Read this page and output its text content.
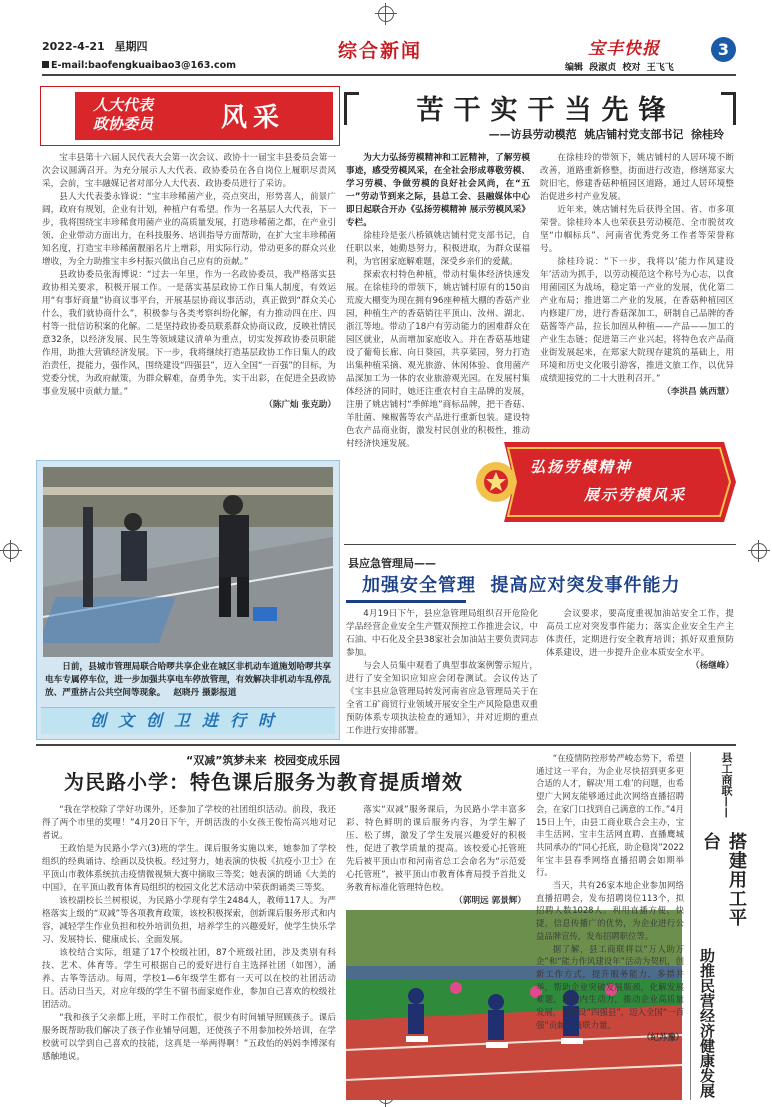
2022-4-21 星期四
E-mail:baofengkuaibao3@163.com
综合新闻	宝丰快报	3
编辑  段淑贞  校对  王飞飞
人大代表
政协委员	风采

宝丰县第十六届人民代表大会第一次会议、政协十一届宝丰县委员会第一次会议圆满召开。为充分展示人大代表、政协委员在各自岗位上履职尽责风采，会前，宝丰融媒记者对部分人大代表、政协委员进行了采访。

县人大代表娄永锋说：“宝丰珍稀菌产业，亮点突出，形势喜人，前景广阔，政府有规划，企业有计划，种植户有希望。作为一名基层人大代表，下一步，我将围绕宝丰珍稀食用菌产业的高质量发展，打造珍稀菌之都，在产业引领、企业带动方面出力，在科技服务、培训指导方面帮助，在扩大宝丰珍稀菌知名度，打造宝丰珍稀菌靓丽名片上增彩，用实际行动，带动更多的群众兴业增收，为全力助推宝丰乡村振兴做出自己应有的贡献。”

县政协委员张海博说：“过去一年里，作为一名政协委员，我严格落实县政协相关要求，积极开展工作。一是落实基层政协工作日集人制度，有效运用“有事好商量”协商议事平台，开展基层协商议事活动，真正做到“群众关心什么，我们就协商什么”，积极参与各类考察纠纷化解，有力推动四在庄、四村等一批信访积案的化解。二是坚持政协委员联系群众协商议政，反映社情民意32条，以经济发展、民生等领域建议清单为重点，切实发挥政协委员职能作用，助推大营镇经济发展。下一步，我将继续打造基层政协工作日集人的政治责任，提能力，强作风，围绕建设“四强县”，迈入全国“一百强”的目标，为党委分忧，为政府献策，为群众解难，奋勇争先，实干出彩，在促进全县政协事业发展中贡献力量。”

（陈广灿 张克助）
日前，县城市管理局联合哈啰共享企业在城区非机动车道施划哈啰共享电车专属停车位，进一步加强共享电车停放管理，有效解决非机动车乱停乱放、严重挤占公共空间等现象。 赵晓丹 摄影报道
创文创卫进行时
苦干实干当先锋
——访县劳动模范  姚店铺村党支部书记  徐桂玲

为大力弘扬劳模精神和工匠精神，了解劳模事迹，感受劳模风采，在全社会形成尊敬劳模、学习劳模、争做劳模的良好社会风尚，在“五一”劳动节到来之际，县总工会、县融媒体中心即日起联合开办《弘扬劳模精神 展示劳模风采》专栏。

徐桂玲是张八桥镇姚店铺村党支部书记，自任职以来，她勤恳努力，积极进取，为群众谋福利，为官困家庭解难题，深受乡亲们的爱戴。

探索农村特色种植，带动村集体经济快速发展。在徐桂玲的带领下，姚店铺村原有的150亩荒废大棚变为现在拥有96座种植大棚的香菇产业园，种植生产的香菇销往平顶山、汝州、湖北、浙江等地。带动了18户有劳动能力的困难群众在园区就业，从而增加家庭收入。并在香菇基地建设了葡萄长廊、向日葵园，共享菜园，努力打造出集种植采摘、观光旅游、休闲体验、食用菌产品深加工为一体的农业旅游观光园。在发展村集体经济的同时，她还注重农村自主品牌的发展，注册了姚店铺村“季鲜地”商标品牌，把干香菇、羊肚菌、辣椒酱等农产品进行重新包装。建设特色农产品商业街，激发村民创业的积极性，推动村经济快速发展。

在徐桂玲的带领下，姚店铺村的人居环境不断改善，道路重新修整，街面进行改造，修缮郑家大院旧宅，修建香菇种植园区道路，通过人居环境整治促进乡村产业发展。

近年来，姚店铺村先后获得全国、省、市多项荣誉。徐桂玲本人也荣获县劳动模范、全市脱贫攻坚“巾帼标兵”、河南省优秀党务工作者等荣誉称号。

徐桂玲说：“下一步，我将以‘能力作风建设年’活动为抓手，以劳动模范这个称号为心志，以食用菌园区为战场，稳定第一产业的发展，优化第二产业布局；推进第二产业的发展，在香菇种植园区内修建厂房，进行香菇深加工，研制自己品牌的香菇酱等产品，拉长加固从种植——产品——加工的产业生态链；促进第三产业兴起，将特色农产品商业街发展起来，在郑家大院现存建筑的基础上，用环境和历史文化吸引游客，推进文旅工作，以优异成绩迎接党的二十大胜利召开。”

（李洪昌 姚西慧）
弘扬劳模精神
展示劳模风采
县应急管理局——
加强安全管理  提高应对突发事件能力

4月19日下午，县应急管理局组织召开危险化学品经营企业安全生产暨双预控工作推进会议，中石油、中石化及全县38家社会加油站主要负责同志参加。

与会人员集中观看了典型事故案例警示短片，进行了安全知识应知应会闭卷测试。会议传达了《宝丰县应急管理局转发河南省应急管理局关于在全省工矿商贸行业领域开展安全生产风险隐患双重预防体系专项执法检查的通知》，并对近期的重点工作进行安排部署。

会议要求，要高度重视加油站安全工作，提高员工应对突发事件能力；落实企业安全生产主体责任，定期进行安全教育培训；抓好双重预防体系建设，进一步提升企业本质安全水平。

（杨继峰）
“双减”筑梦未来  校园变成乐园
为民路小学：特色课后服务为教育提质增效

“我在学校除了学好功课外，还参加了学校的社团组织活动。前段，我还得了两个市里的奖哩！”4月20日下午，开朗活泼的小女孩王俊怡高兴地对记者说。

王政怡是为民路小学六(3)班的学生。课后服务实施以来，她参加了学校组织的经典诵诗、绘画以及快板。经过努力，她表演的快板《抗疫小卫士》在平顶山市教体系统抗击疫情微视频大赛中摘取三等奖；她表演的朗诵《大美的中国》，在平顶山教育体育局组织的校园文化艺术活动中荣获朗诵类三等奖。

该校副校长兰树根说，为民路小学现有学生2484人，教师117人。为严格落实上级的“双减”等各项教育政策，该校积极探索，创新课后服务形式和内容，减轻学生作业负担和校外培训负担，培养学生的兴趣爱好，使学生快乐学习、发展特长、健康成长、全面发展。

该校结合实际，组建了17个校级社团，87个班级社团，涉及类别有科技、艺术、体育等。学生可根据自己的爱好进行自主选择社团（如图），涵养、古筝等活动。每周，学校1—6年级学生都有一天可以在校的社团活动日。活动日当天，对应年级的学生不留书面家庭作业，参加自己喜欢的校级社团活动。

“我和孩子父亲都上班，平时工作很忙，很少有时间辅导照顾孩子。课后服务既帮助我们解决了孩子作业辅导问题，还使孩子不用参加校外培训，在学校就可以学到自己喜欢的技能，这真是一举两得啊！”五政怡的妈妈李博深有感触地说。

落实“双减”服务课后，为民路小学丰富多彩、特色鲜明的课后服务内容，为学生解了压、松了绑，激发了学生发展兴趣爱好的积极性，促进了教学质量的提高。该校爱心托管班先后被平顶山市和河南省总工会命名为“示范爱心托管班”，被平顶山市教育体育局授予首批义务教育标准化管理特色校。

（郭明远 郭景辉）

“在疫情防控形势严峻态势下，希望通过这一平台，为企业尽快招到更多更合适的人才，解决‘用工难’的问题，也希望广大网友能够通过此次网络直播招聘会，在家门口找到自己满意的工作。”4月15日上午，由县工商业联合会主办，宝丰生活网、宝丰生活网直聘、直播鹰城共同承办的“同心托底，助企稳岗”2022年宝丰县春季网络直播招聘会如期举行。

当天，共有26家本地企业参加网络直播招聘会，发布招聘岗位113个，拟招聘人数1028人。利用直播方便、快捷，信息传播广的优势，为企业进行公益品牌宣传，发布招聘职位等。

据了解，县工商联将以“万人助万企”和“能力作风建设年”活动为契机，创新工作方式，提升服务能力，多措并举，帮助企业突破发展瓶颈，化解发展难题，激发内生动力，推动企业高质量发展，为建设“四强县”，迈入全国“一百强”贡献工商联力量。

（纪苏豫）
县工商联——
搭建用工平台
助推民营经济健康发展
